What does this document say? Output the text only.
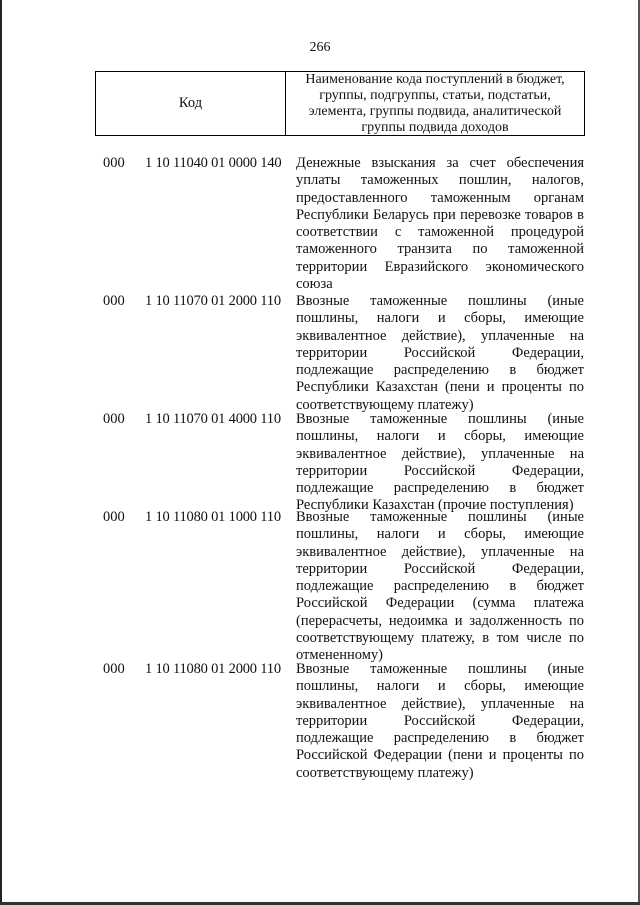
266
Код
Наименование кода поступлений в бюджет, группы, подгруппы, статьи, подстатьи, элемента, группы подвида, аналитической группы подвида доходов
000 1 10 11040 01 0000 140 Денежные взыскания за счет обеспечения уплаты таможенных пошлин, налогов, предоставленного таможенным органам Республики Беларусь при перевозке товаров в соответствии с таможенной процедурой таможенного транзита по таможенной территории Евразийского экономического союза
000 1 10 11070 01 2000 110 Ввозные таможенные пошлины (иные пошлины, налоги и сборы, имеющие эквивалентное действие), уплаченные на территории Российской Федерации, подлежащие распределению в бюджет Республики Казахстан (пени и проценты по соответствующему платежу)
000 1 10 11070 01 4000 110 Ввозные таможенные пошлины (иные пошлины, налоги и сборы, имеющие эквивалентное действие), уплаченные на территории Российской Федерации, подлежащие распределению в бюджет Республики Казахстан (прочие поступления)
000 1 10 11080 01 1000 110 Ввозные таможенные пошлины (иные пошлины, налоги и сборы, имеющие эквивалентное действие), уплаченные на территории Российской Федерации, подлежащие распределению в бюджет Российской Федерации (сумма платежа (перерасчеты, недоимка и задолженность по соответствующему платежу, в том числе по отмененному)
000 1 10 11080 01 2000 110 Ввозные таможенные пошлины (иные пошлины, налоги и сборы, имеющие эквивалентное действие), уплаченные на территории Российской Федерации, подлежащие распределению в бюджет Российской Федерации (пени и проценты по соответствующему платежу)
